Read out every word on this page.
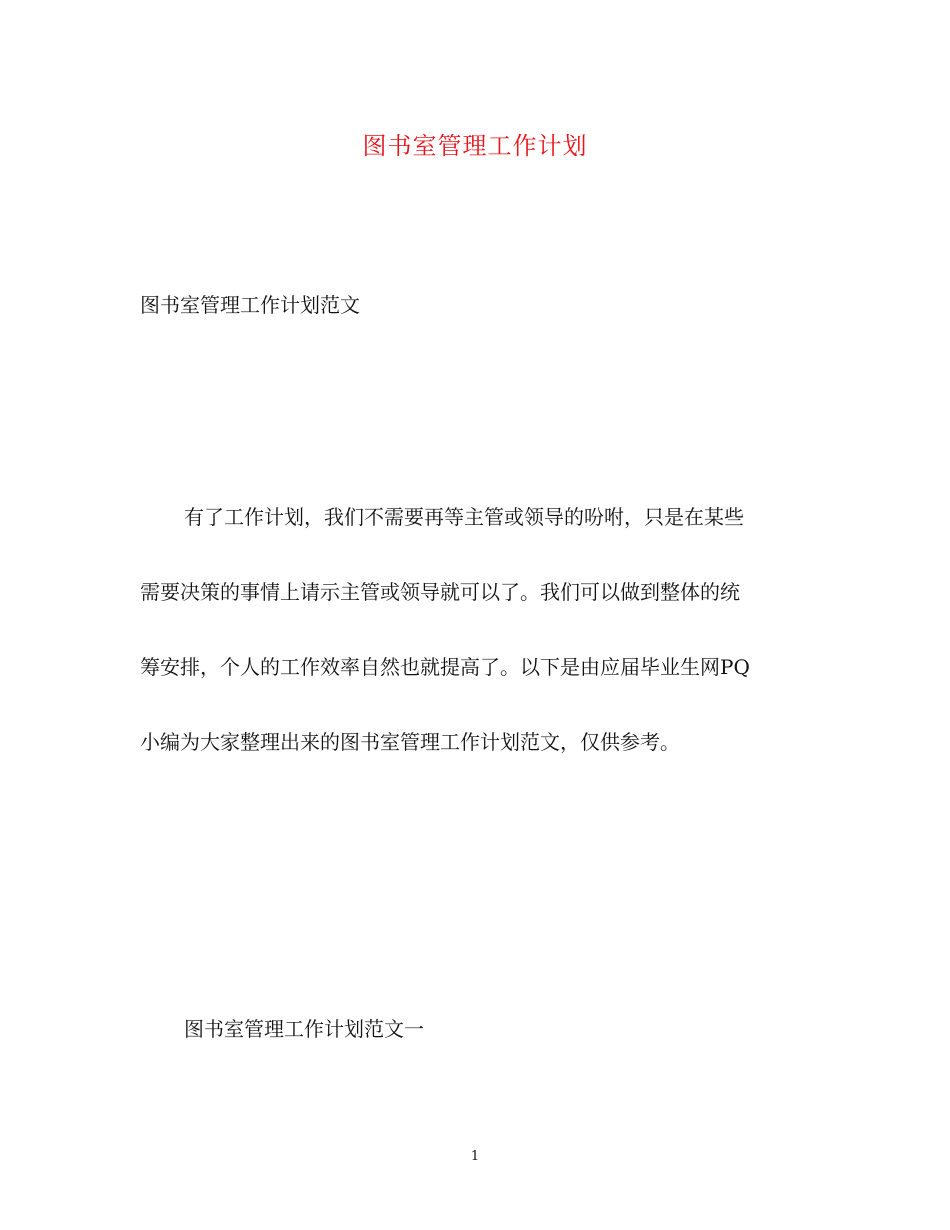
图书室管理工作计划

图书室管理工作计划范文

有了工作计划，我们不需要再等主管或领导的吩咐，只是在某些
需要决策的事情上请示主管或领导就可以了。我们可以做到整体的统
筹安排，个人的工作效率自然也就提高了。以下是由应届毕业生网PQ
小编为大家整理出来的图书室管理工作计划范文，仅供参考。
图书室管理工作计划范文一
1
